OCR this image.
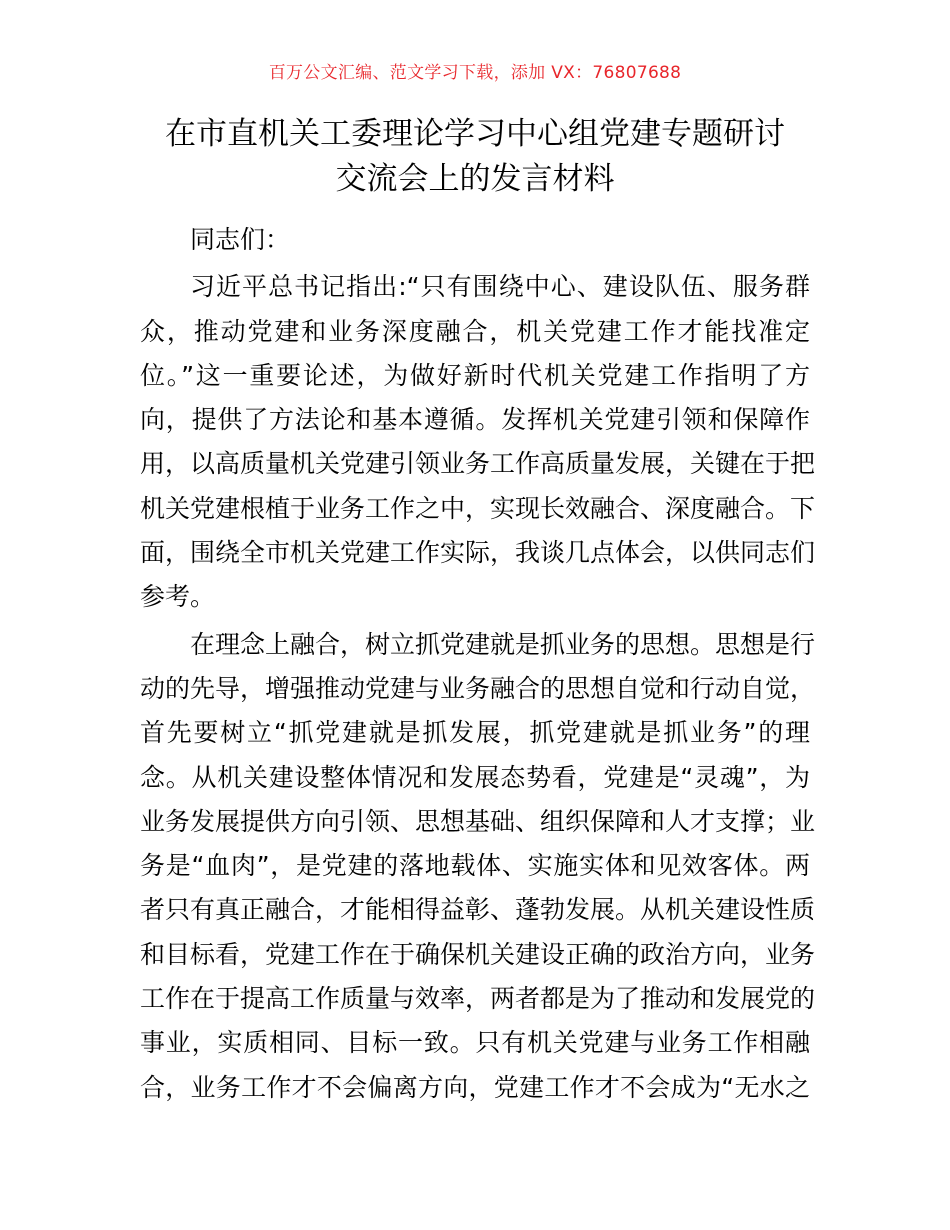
百万公文汇编、范文学习下载，添加 VX：76807688
在市直机关工委理论学习中心组党建专题研讨
交流会上的发言材料
同志们：
习近平总书记指出:“只有围绕中心、建设队伍、服务群
众，推动党建和业务深度融合，机关党建工作才能找准定
位。”这一重要论述，为做好新时代机关党建工作指明了方
向，提供了方法论和基本遵循。发挥机关党建引领和保障作
用，以高质量机关党建引领业务工作高质量发展，关键在于把
机关党建根植于业务工作之中，实现长效融合、深度融合。下
面，围绕全市机关党建工作实际，我谈几点体会，以供同志们
参考。
在理念上融合，树立抓党建就是抓业务的思想。思想是行
动的先导，增强推动党建与业务融合的思想自觉和行动自觉，
首先要树立“抓党建就是抓发展，抓党建就是抓业务”的理
念。从机关建设整体情况和发展态势看，党建是“灵魂”，为
业务发展提供方向引领、思想基础、组织保障和人才支撑；业
务是“血肉”，是党建的落地载体、实施实体和见效客体。两
者只有真正融合，才能相得益彰、蓬勃发展。从机关建设性质
和目标看，党建工作在于确保机关建设正确的政治方向，业务
工作在于提高工作质量与效率，两者都是为了推动和发展党的
事业，实质相同、目标一致。只有机关党建与业务工作相融
合，业务工作才不会偏离方向，党建工作才不会成为“无水之
